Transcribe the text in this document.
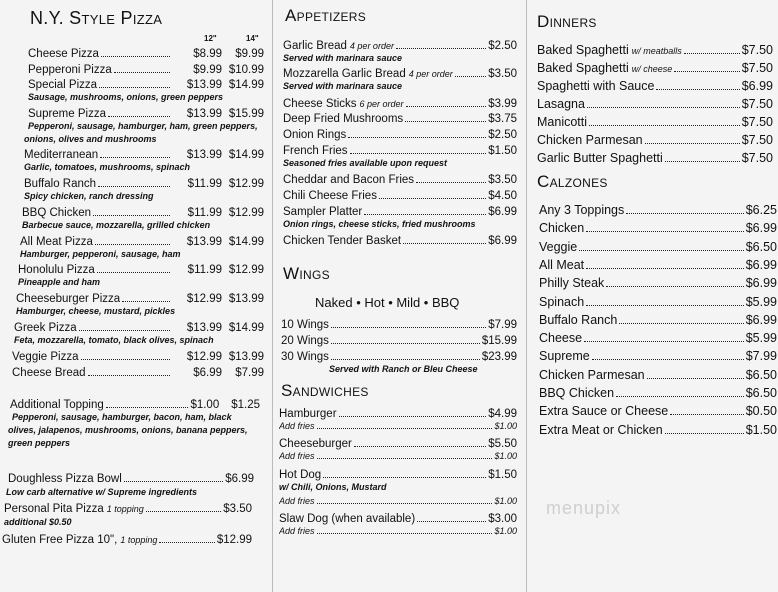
N.Y. Style Pizza
12"	14"
Cheese Pizza	$8.99	$9.99
Pepperoni Pizza	$9.99 $10.99
Special Pizza	$13.99 $14.99
Sausage, mushrooms, onions, green peppers
Supreme Pizza	$13.99 $15.99
Pepperoni, sausage, hamburger, ham, green peppers,
onions, olives and mushrooms
Mediterranean	$13.99 $14.99
Garlic, tomatoes, mushrooms, spinach
Buffalo Ranch	$11.99 $12.99
Spicy chicken, ranch dressing
BBQ Chicken	$11.99 $12.99
Barbecue sauce, mozzarella, grilled chicken
All Meat Pizza	$13.99 $14.99
Hamburger, pepperoni, sausage, ham
Honolulu Pizza	$11.99 $12.99
Pineapple and ham
Cheeseburger Pizza	$12.99 $13.99
Hamburger, cheese, mustard, pickles
Greek Pizza	$13.99 $14.99
Feta, mozzarella, tomato, black olives, spinach
Veggie Pizza	$12.99 $13.99
Cheese Bread	$6.99	$7.99
Additional Topping	$1.00 $1.25
Pepperoni, sausage, hamburger, bacon, ham, black
olives, jalapenos, mushrooms, onions, banana peppers,
green peppers
Doughless Pizza Bowl	$6.99
Low carb alternative w/ Supreme ingredients
Personal Pita Pizza 1 topping	$3.50
additional $0.50
Gluten Free Pizza 10", 1 topping	$12.99
Appetizers
Garlic Bread 4 per order	$2.50
Served with marinara sauce
Mozzarella Garlic Bread 4 per order	$3.50
Served with marinara sauce
Cheese Sticks 6 per order	$3.99
Deep Fried Mushrooms	$3.75
Onion Rings	$2.50
French Fries	$1.50
Seasoned fries available upon request
Cheddar and Bacon Fries	$3.50
Chili Cheese Fries	$4.50
Sampler Platter	$6.99
Onion rings, cheese sticks, fried mushrooms
Chicken Tender Basket	$6.99
Wings
Naked • Hot • Mild • BBQ
10 Wings	$7.99
20 Wings	$15.99
30 Wings	$23.99
Served with Ranch or Bleu Cheese
Sandwiches
Hamburger	$4.99
Add fries	$1.00
Cheeseburger	$5.50
Add fries	$1.00
Hot Dog	$1.50
w/ Chili, Onions, Mustard
Add fries	$1.00
Slaw Dog (when available)	$3.00
Add fries	$1.00
Dinners
Baked Spaghetti w/ meatballs	$7.50
Baked Spaghetti w/ cheese	$7.50
Spaghetti with Sauce	$6.99
Lasagna	$7.50
Manicotti	$7.50
Chicken Parmesan	$7.50
Garlic Butter Spaghetti	$7.50
Calzones
Any 3 Toppings	$6.25
Chicken	$6.99
Veggie	$6.50
All Meat	$6.99
Philly Steak	$6.99
Spinach	$5.99
Buffalo Ranch	$6.99
Cheese	$5.99
Supreme	$7.99
Chicken Parmesan	$6.50
BBQ Chicken	$6.50
Extra Sauce or Cheese	$0.50
Extra Meat or Chicken	$1.50
menupix
